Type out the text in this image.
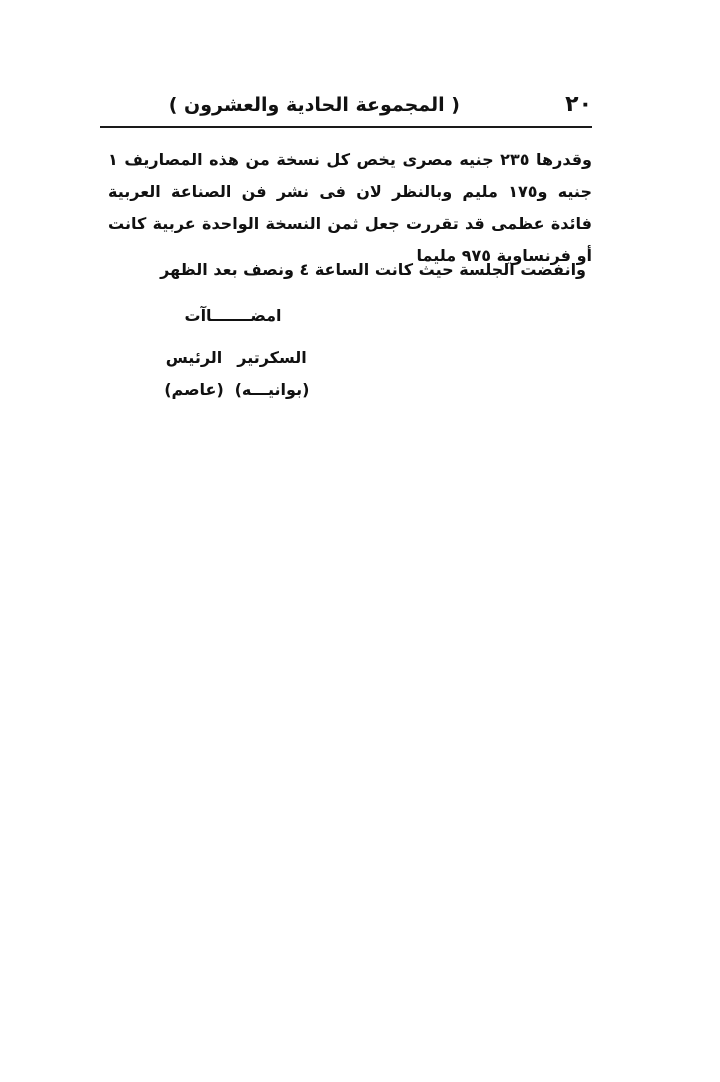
٢٠
( المجموعة الحادية والعشرون )

وقدرها ٢٣٥ جنيه مصرى يخص كل نسخة من هذه المصاريف ١ جنيه و١٧٥ مليم وبالنظر لان فى نشر فن الصناعة العربية فائدة عظمى قد تقررت جعل ثمن النسخة الواحدة عربية كانت أو فرنساوية ٩٧٥ مليما

وانفضت الجلسة حيث كانت الساعة ٤ ونصف بعد الظهر
امضـــــــاآت
السكرتير
(بوانيـــه)
الرئيس
(عاصم)
